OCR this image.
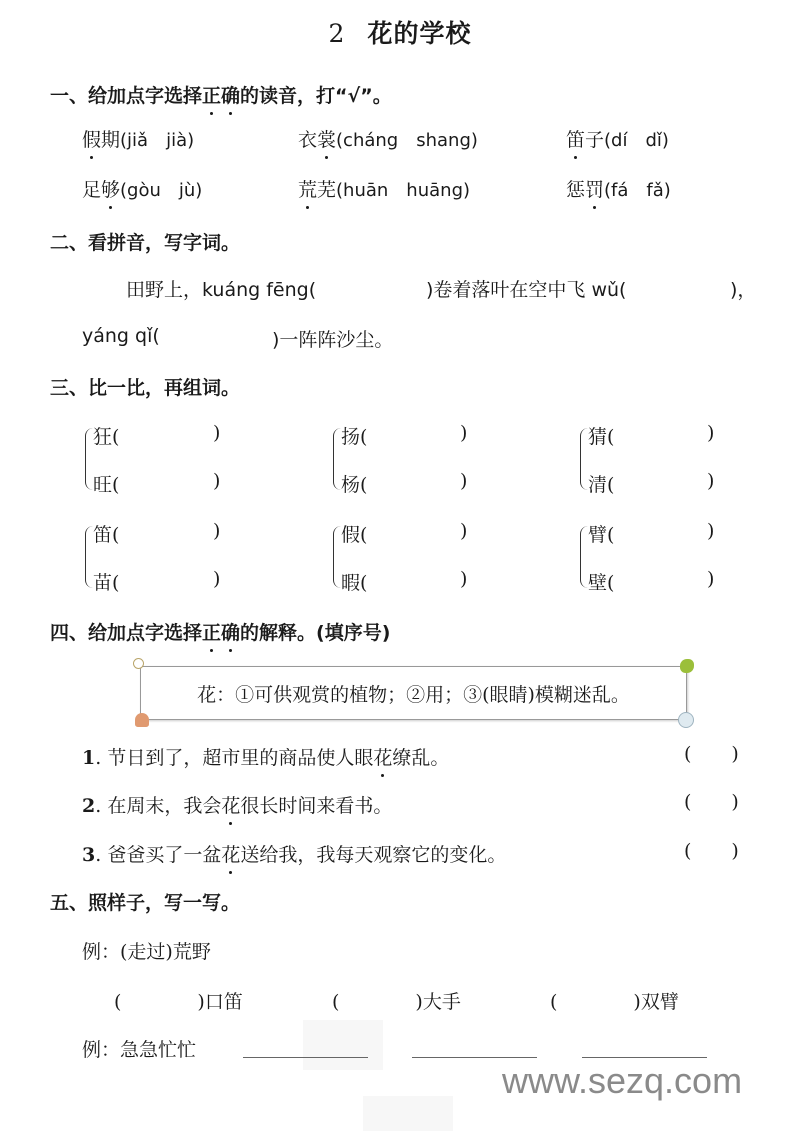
2 花的学校
一、给加点字选择正确的读音，打“√”。
假期(jiǎ　jià)	衣裳(cháng　shang)	笛子(dí　dǐ)
足够(gòu　jù)	荒芜(huān　huāng)	惩罚(fá　fǎ)
二、看拼音，写字词。
田野上，kuáng fēng(	)卷着落叶在空中飞 wǔ(	)，
yáng qǐ(	)一阵阵沙尘。
三、比一比，再组词。
狂(	)
旺(	)
扬(	)
杨(	)
猜(	)
清(	)
笛(	)
苗(	)
假(	)
暇(	)
臂(	)
壁(	)
四、给加点字选择正确的解释。(填序号)
花：①可供观赏的植物；②用；③(眼睛)模糊迷乱。
1. 节日到了，超市里的商品使人眼花缭乱。	( )
2. 在周末，我会花很长时间来看书。	( )
3. 爸爸买了一盆花送给我，我每天观察它的变化。	( )
五、照样子，写一写。
例：(走过)荒野
(	)口笛	(	)大手	(	)双臂
例：急急忙忙
www.sezq.com
